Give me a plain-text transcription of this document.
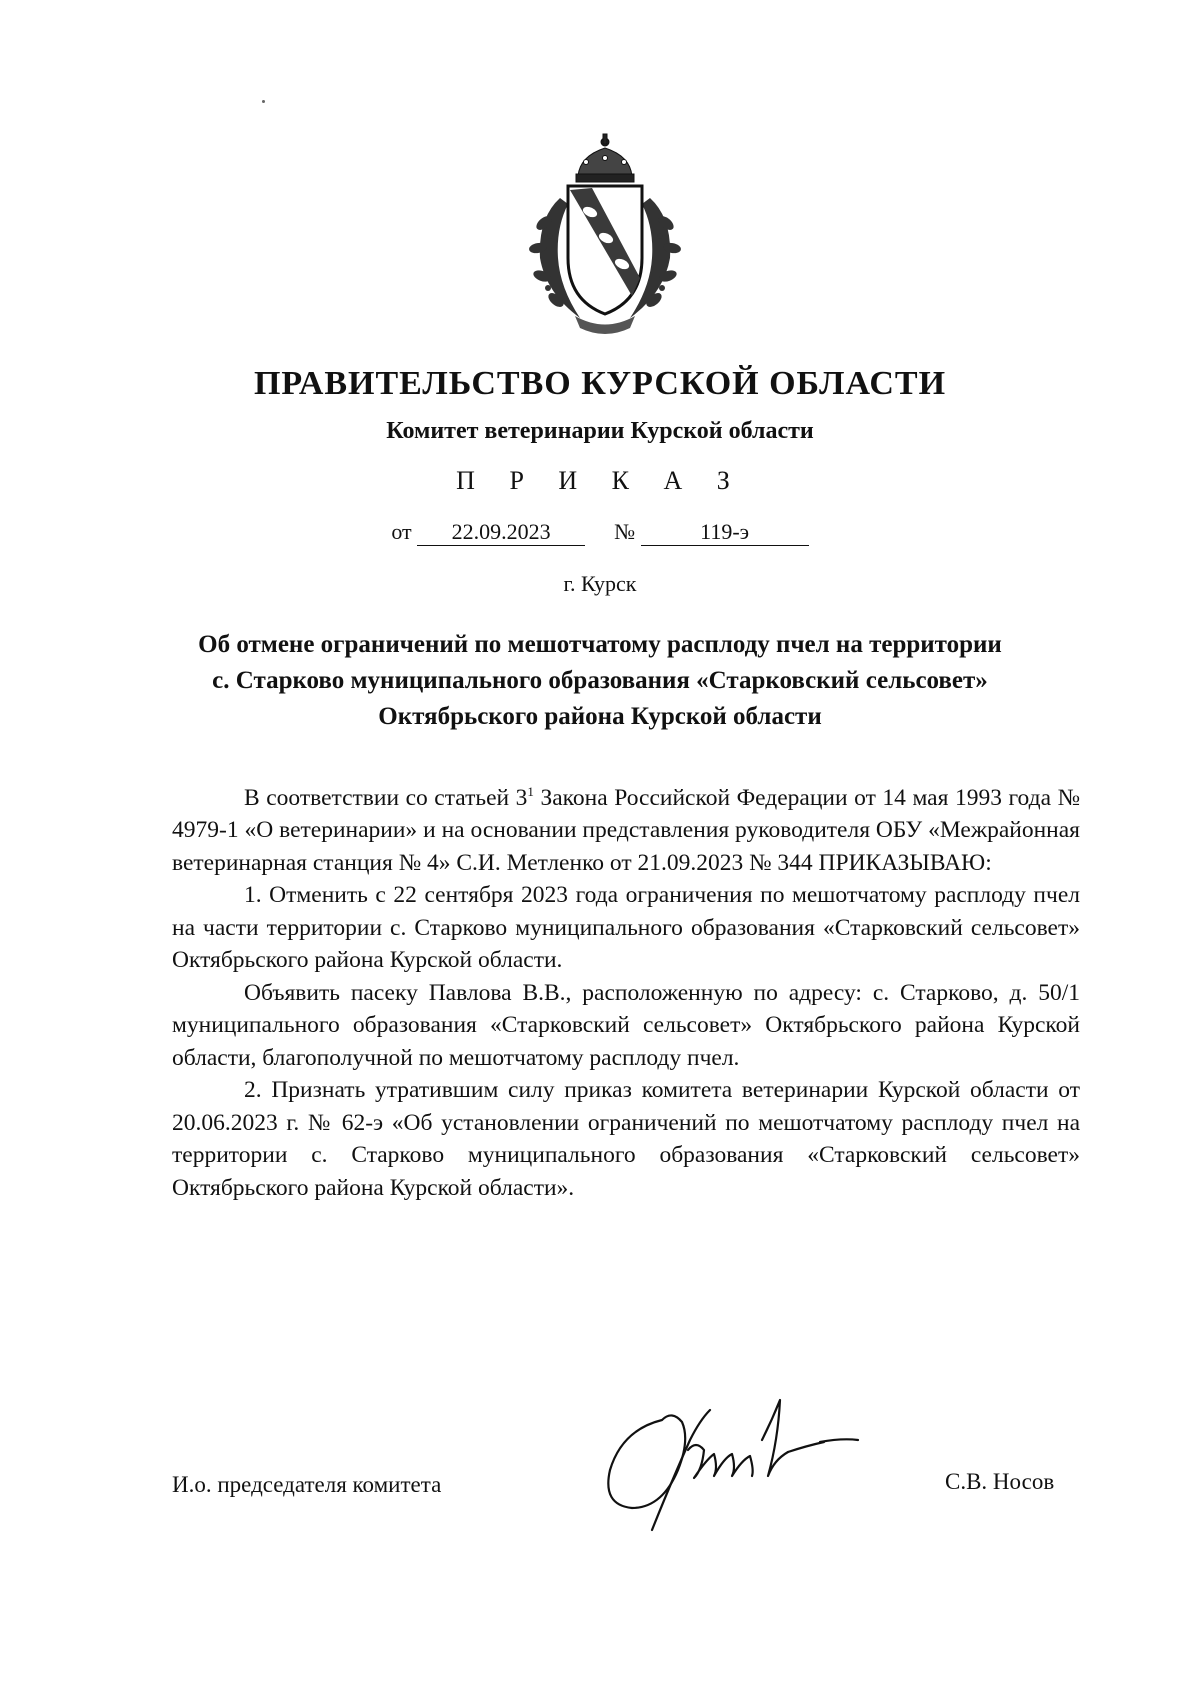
ПРАВИТЕЛЬСТВО КУРСКОЙ ОБЛАСТИ
Комитет ветеринарии Курской области
П Р И К А З
от 22.09.2023	№	119-э
г. Курск
Об отмене ограничений по мешотчатому расплоду пчел на территории
с. Старково муниципального образования «Старковский сельсовет»
Октябрьского района Курской области

В соответствии со статьей $3^1$ Закона Российской Федерации от 14 мая 1993 года № 4979-1 «О ветеринарии» и на основании представления руководителя ОБУ «Межрайонная ветеринарная станция № 4» С.И. Метленко от 21.09.2023 № 344 ПРИКАЗЫВАЮ:

1. Отменить с 22 сентября 2023 года ограничения по мешотчатому расплоду пчел на части территории с. Старково муниципального образования «Старковский сельсовет» Октябрьского района Курской области.

Объявить пасеку Павлова В.В., расположенную по адресу: с. Старково, д. 50/1 муниципального образования «Старковский сельсовет» Октябрьского района Курской области, благополучной по мешотчатому расплоду пчел.

2. Признать утратившим силу приказ комитета ветеринарии Курской области от 20.06.2023 г. № 62-э «Об установлении ограничений по мешотчатому расплоду пчел на территории с. Старково муниципального образования «Старковский сельсовет» Октябрьского района Курской области».

И.о. председателя комитета	С.В. Носов
